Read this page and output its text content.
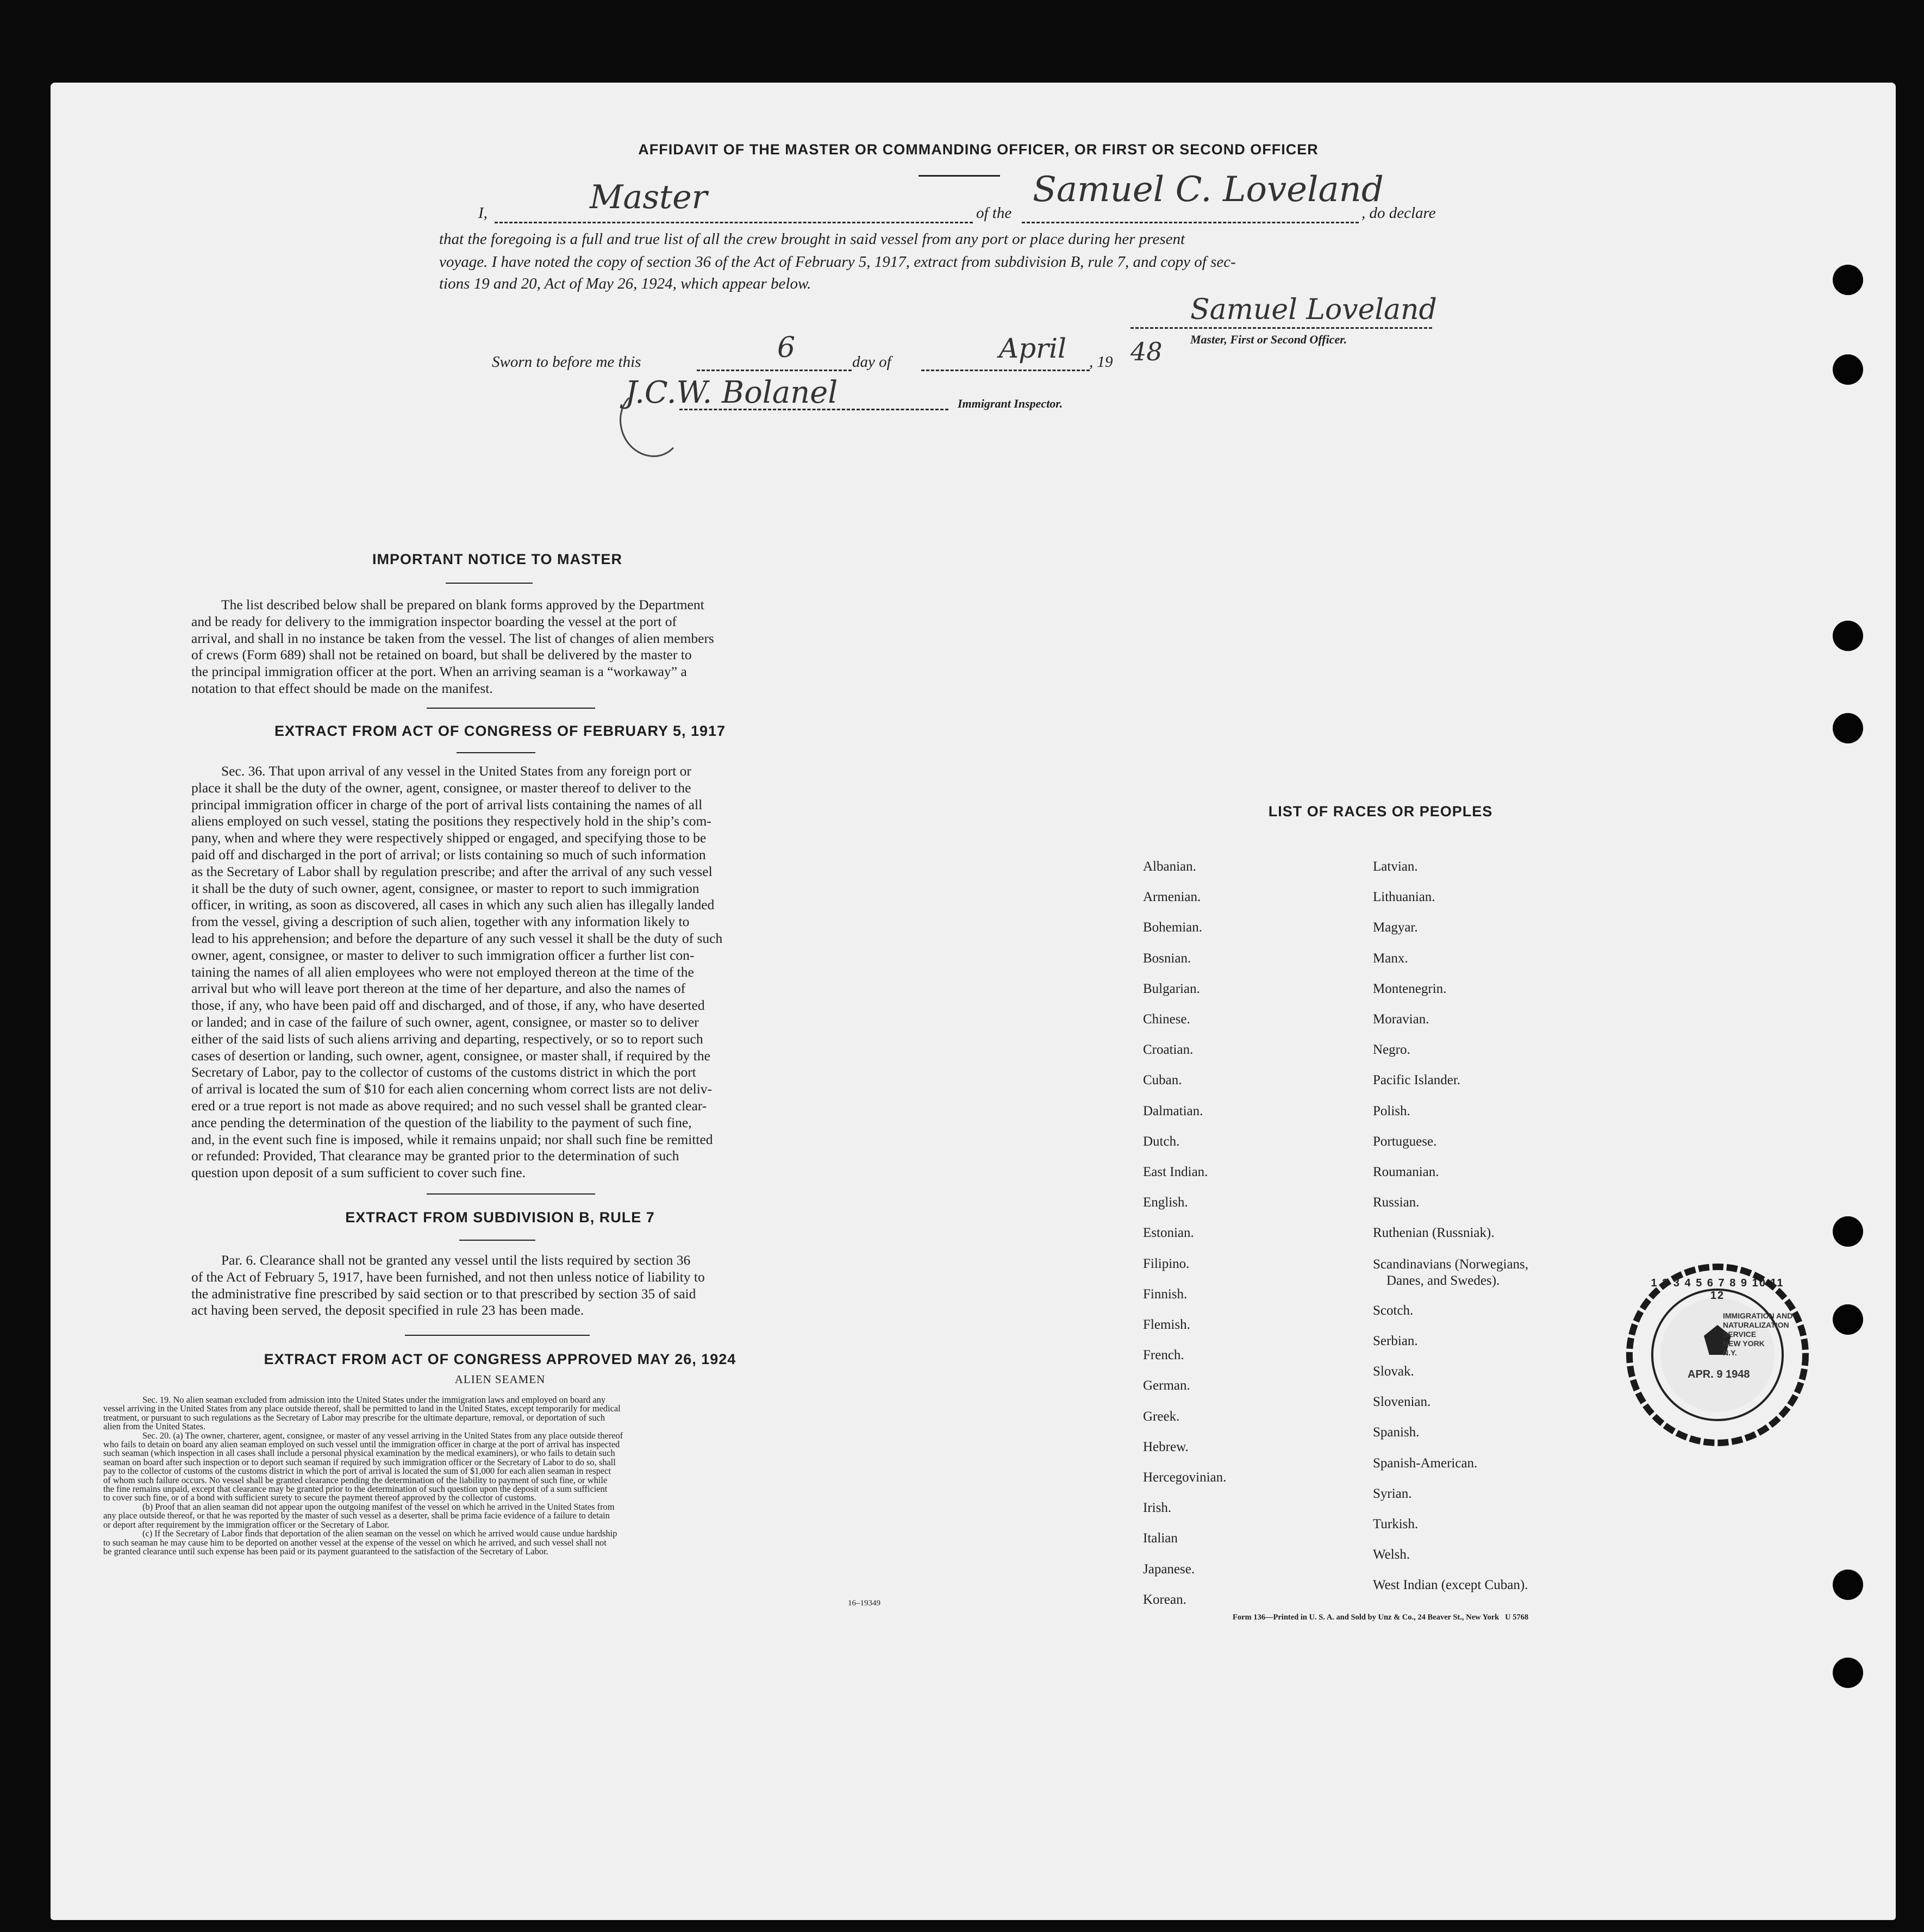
AFFIDAVIT OF THE MASTER OR COMMANDING OFFICER, OR FIRST OR SECOND OFFICER
I,	Master	of the
Samuel C. Loveland
, do declare
that the foregoing is a full and true list of all the crew brought in said vessel from any port or place during her present
voyage. I have noted the copy of section 36 of the Act of February 5, 1917, extract from subdivision B, rule 7, and copy of sec-
tions 19 and 20, Act of May 26, 1924, which appear below.
Samuel Loveland
Master, First or Second Officer.
Sworn to before me this	6	day of	April , 19 48
J.C.W. Bolanel	Immigrant Inspector.
IMPORTANT NOTICE TO MASTER

The list described below shall be prepared on blank forms approved by the Department

and be ready for delivery to the immigration inspector boarding the vessel at the port of

arrival, and shall in no instance be taken from the vessel. The list of changes of alien members

of crews (Form 689) shall not be retained on board, but shall be delivered by the master to

the principal immigration officer at the port. When an arriving seaman is a “workaway” a

notation to that effect should be made on the manifest.

EXTRACT FROM ACT OF CONGRESS OF FEBRUARY 5, 1917

Sec. 36. That upon arrival of any vessel in the United States from any foreign port or

place it shall be the duty of the owner, agent, consignee, or master thereof to deliver to the

principal immigration officer in charge of the port of arrival lists containing the names of all

aliens employed on such vessel, stating the positions they respectively hold in the ship’s com-

pany, when and where they were respectively shipped or engaged, and specifying those to be

paid off and discharged in the port of arrival; or lists containing so much of such information

as the Secretary of Labor shall by regulation prescribe; and after the arrival of any such vessel

it shall be the duty of such owner, agent, consignee, or master to report to such immigration

officer, in writing, as soon as discovered, all cases in which any such alien has illegally landed

from the vessel, giving a description of such alien, together with any information likely to

lead to his apprehension; and before the departure of any such vessel it shall be the duty of such

owner, agent, consignee, or master to deliver to such immigration officer a further list con-

taining the names of all alien employees who were not employed thereon at the time of the

arrival but who will leave port thereon at the time of her departure, and also the names of

those, if any, who have been paid off and discharged, and of those, if any, who have deserted

or landed; and in case of the failure of such owner, agent, consignee, or master so to deliver

either of the said lists of such aliens arriving and departing, respectively, or so to report such

cases of desertion or landing, such owner, agent, consignee, or master shall, if required by the

Secretary of Labor, pay to the collector of customs of the customs district in which the port

of arrival is located the sum of $10 for each alien concerning whom correct lists are not deliv-

ered or a true report is not made as above required; and no such vessel shall be granted clear-

ance pending the determination of the question of the liability to the payment of such fine,

and, in the event such fine is imposed, while it remains unpaid; nor shall such fine be remitted

or refunded: Provided, That clearance may be granted prior to the determination of such

question upon deposit of a sum sufficient to cover such fine.

EXTRACT FROM SUBDIVISION B, RULE 7

Par. 6. Clearance shall not be granted any vessel until the lists required by section 36

of the Act of February 5, 1917, have been furnished, and not then unless notice of liability to

the administrative fine prescribed by said section or to that prescribed by section 35 of said

act having been served, the deposit specified in rule 23 has been made.

EXTRACT FROM ACT OF CONGRESS APPROVED MAY 26, 1924
ALIEN SEAMEN

Sec. 19. No alien seaman excluded from admission into the United States under the immigration laws and employed on board any

vessel arriving in the United States from any place outside thereof, shall be permitted to land in the United States, except temporarily for medical

treatment, or pursuant to such regulations as the Secretary of Labor may prescribe for the ultimate departure, removal, or deportation of such

alien from the United States.

Sec. 20. (a) The owner, charterer, agent, consignee, or master of any vessel arriving in the United States from any place outside thereof

who fails to detain on board any alien seaman employed on such vessel until the immigration officer in charge at the port of arrival has inspected

such seaman (which inspection in all cases shall include a personal physical examination by the medical examiners), or who fails to detain such

seaman on board after such inspection or to deport such seaman if required by such immigration officer or the Secretary of Labor to do so, shall

pay to the collector of customs of the customs district in which the port of arrival is located the sum of $1,000 for each alien seaman in respect

of whom such failure occurs. No vessel shall be granted clearance pending the determination of the liability to payment of such fine, or while

the fine remains unpaid, except that clearance may be granted prior to the determination of such question upon the deposit of a sum sufficient

to cover such fine, or of a bond with sufficient surety to secure the payment thereof approved by the collector of customs.

(b) Proof that an alien seaman did not appear upon the outgoing manifest of the vessel on which he arrived in the United States from

any place outside thereof, or that he was reported by the master of such vessel as a deserter, shall be prima facie evidence of a failure to detain

or deport after requirement by the immigration officer or the Secretary of Labor.

(c) If the Secretary of Labor finds that deportation of the alien seaman on the vessel on which he arrived would cause undue hardship

to such seaman he may cause him to be deported on another vessel at the expense of the vessel on which he arrived, and such vessel shall not

be granted clearance until such expense has been paid or its payment guaranteed to the satisfaction of the Secretary of Labor.

16–19349
LIST OF RACES OR PEOPLES
Albanian.
Armenian.
Bohemian.
Bosnian.
Bulgarian.
Chinese.
Croatian.
Cuban.
Dalmatian.
Dutch.
East Indian.
English.
Estonian.
Filipino.
Finnish.
Flemish.
French.
German.
Greek.
Hebrew.
Hercegovinian.
Irish.
Italian
Japanese.
Korean.
Latvian.
Lithuanian.
Magyar.
Manx.
Montenegrin.
Moravian.
Negro.
Pacific Islander.
Polish.
Portuguese.
Roumanian.
Russian.
Ruthenian (Russniak).
Scandinavians (Norwegians,
Danes, and Swedes).
Scotch.
Serbian.
Slovak.
Slovenian.
Spanish.
Spanish-American.
Syrian.
Turkish.
Welsh.
West Indian (except Cuban).
Form 136—Printed in U. S. A. and Sold by Unz & Co., 24 Beaver St., New York   U 5768
1 2 3 4 5 6 7 8 9 10 11 12
APR. 9 1948
IMMIGRATION AND
NATURALIZATION
SERVICE
NEW YORK
N.Y.
